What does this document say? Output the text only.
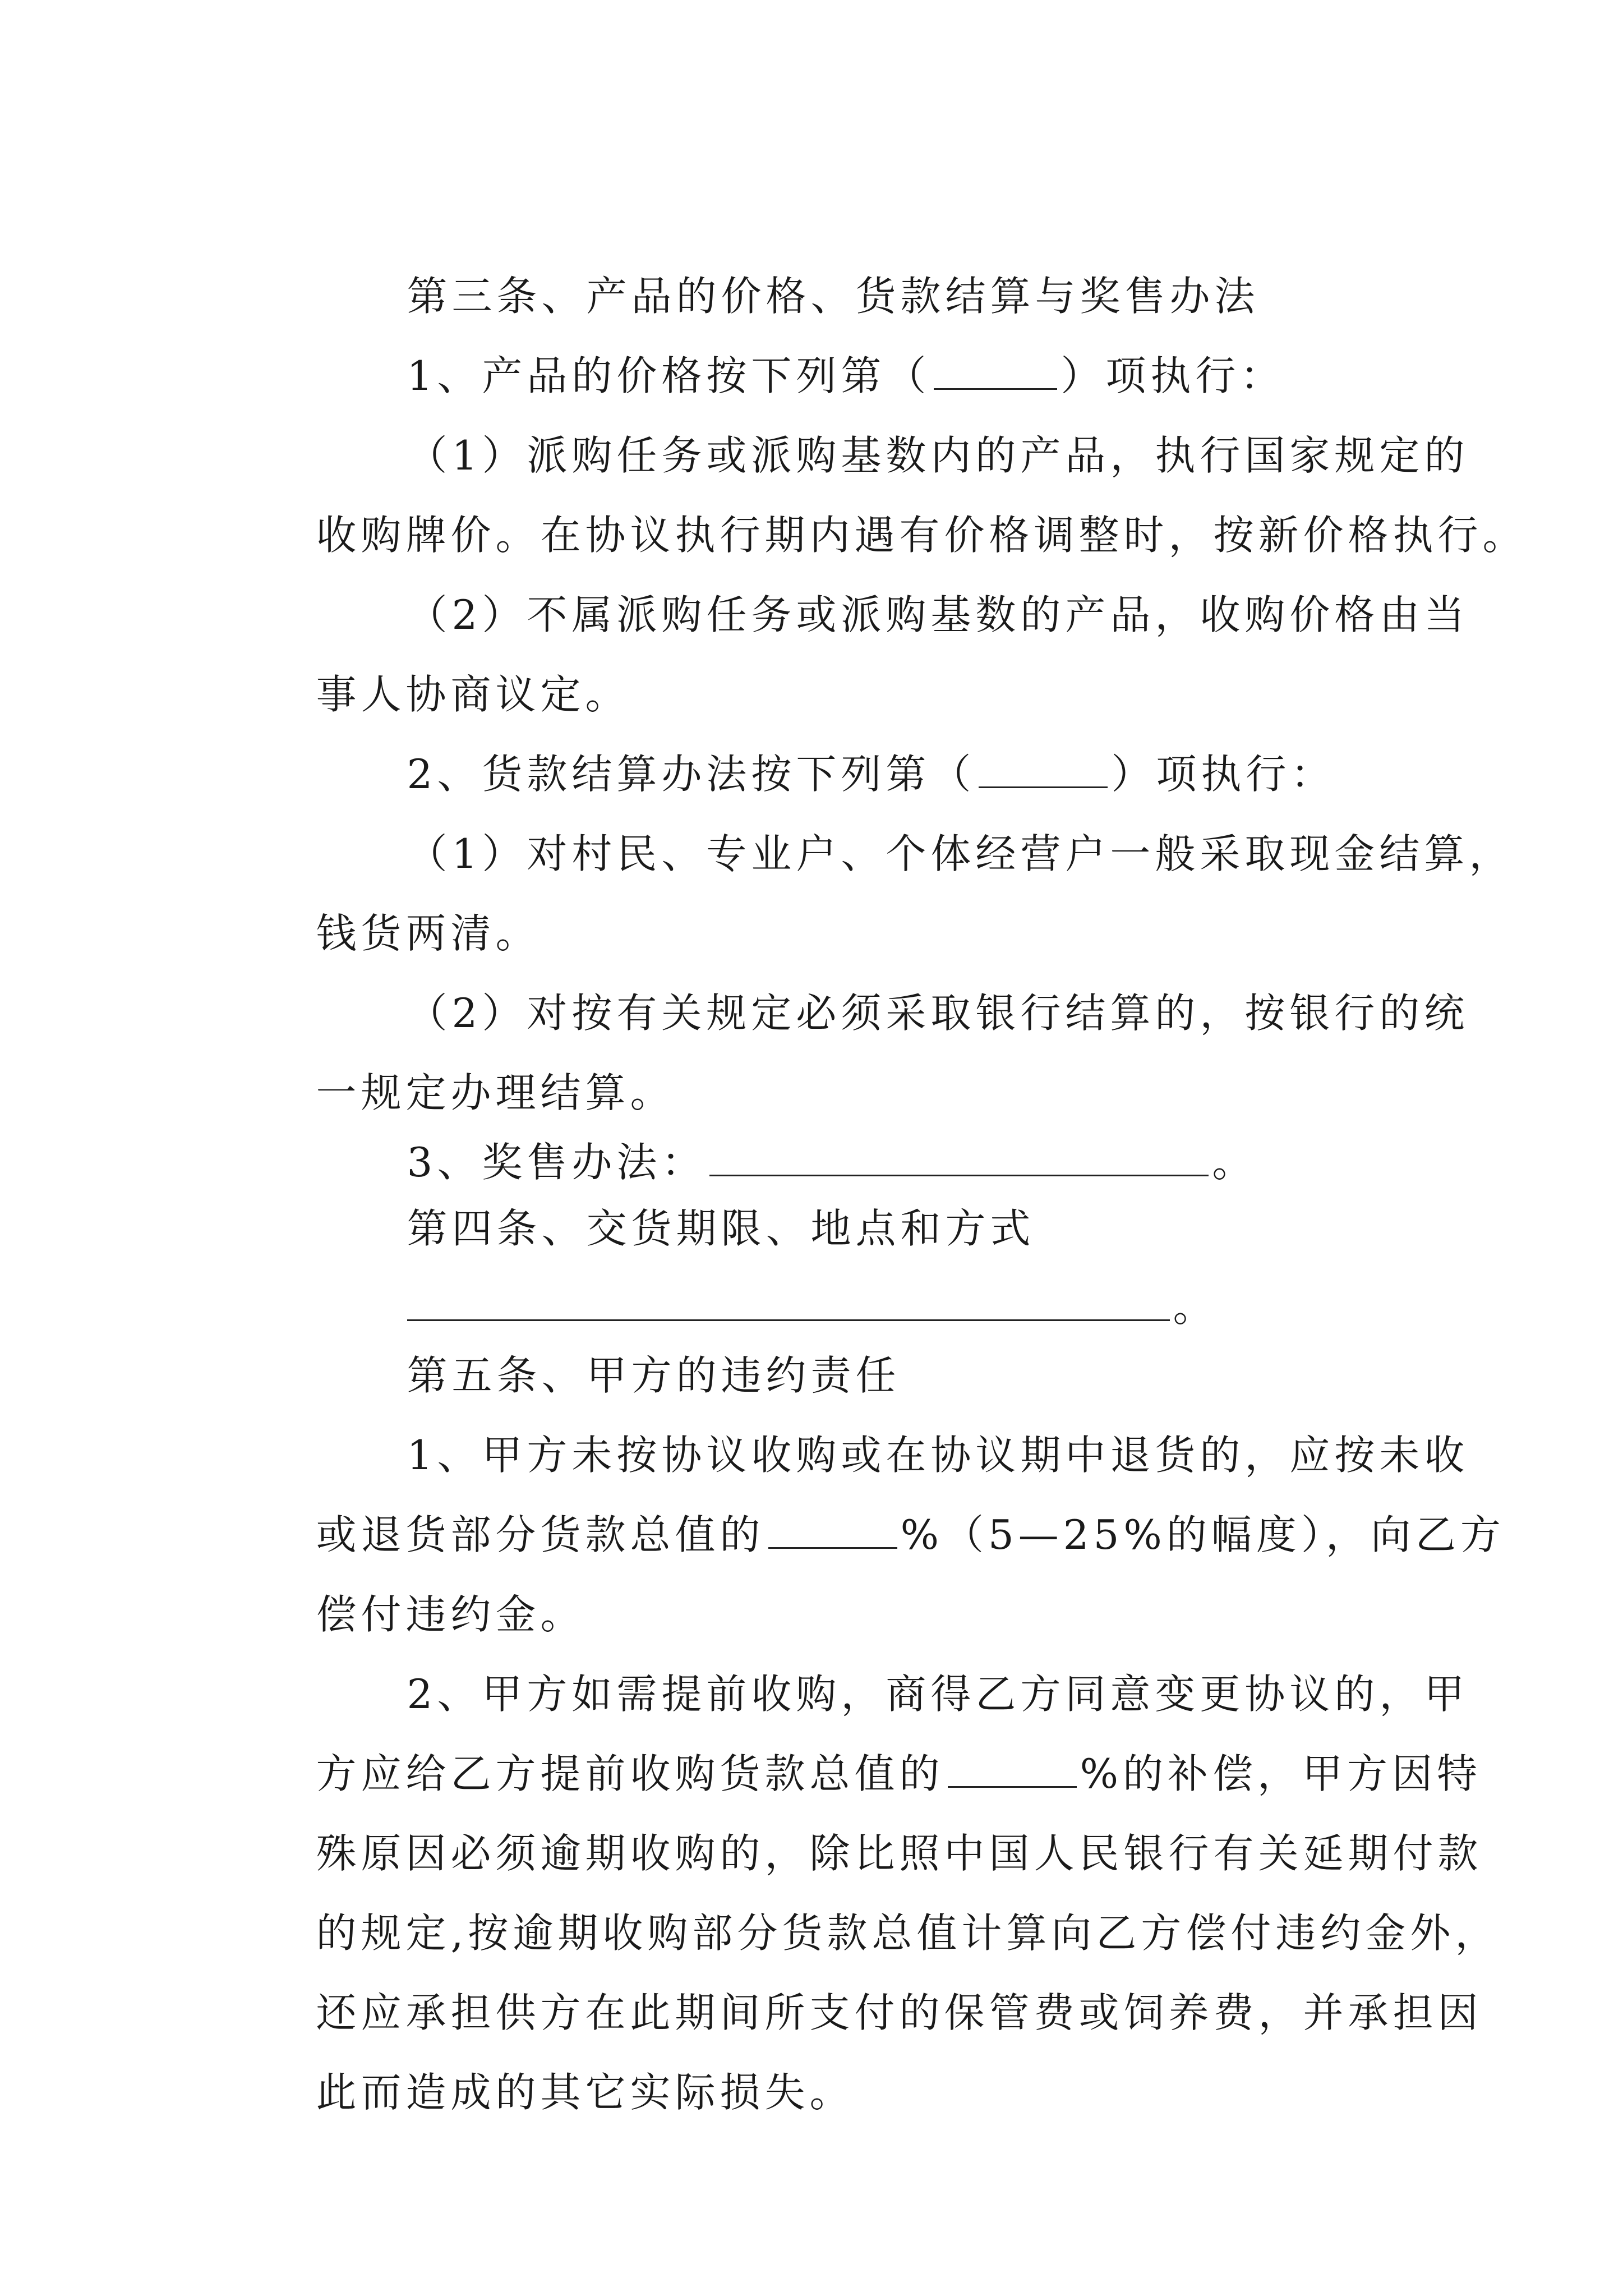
第三条、产品的价格、货款结算与奖售办法

1、产品的价格按下列第（	）项执行：

（1）派购任务或派购基数内的产品，执行国家规定的

收购牌价。在协议执行期内遇有价格调整时，按新价格执行。

（2）不属派购任务或派购基数的产品，收购价格由当

事人协商议定。

2、货款结算办法按下列第（	）项执行：

（1）对村民、专业户、个体经营户一般采取现金结算，

钱货两清。

（2）对按有关规定必须采取银行结算的，按银行的统

一规定办理结算。

3、奖售办法：	。

第四条、交货期限、地点和方式

。

第五条、甲方的违约责任

1、甲方未按协议收购或在协议期中退货的，应按未收

或退货部分货款总值的	%（5—25%的幅度），向乙方

偿付违约金。

2、甲方如需提前收购，商得乙方同意变更协议的，甲

方应给乙方提前收购货款总值的	%的补偿，甲方因特

殊原因必须逾期收购的，除比照中国人民银行有关延期付款

的规定,按逾期收购部分货款总值计算向乙方偿付违约金外，

还应承担供方在此期间所支付的保管费或饲养费，并承担因

此而造成的其它实际损失。
